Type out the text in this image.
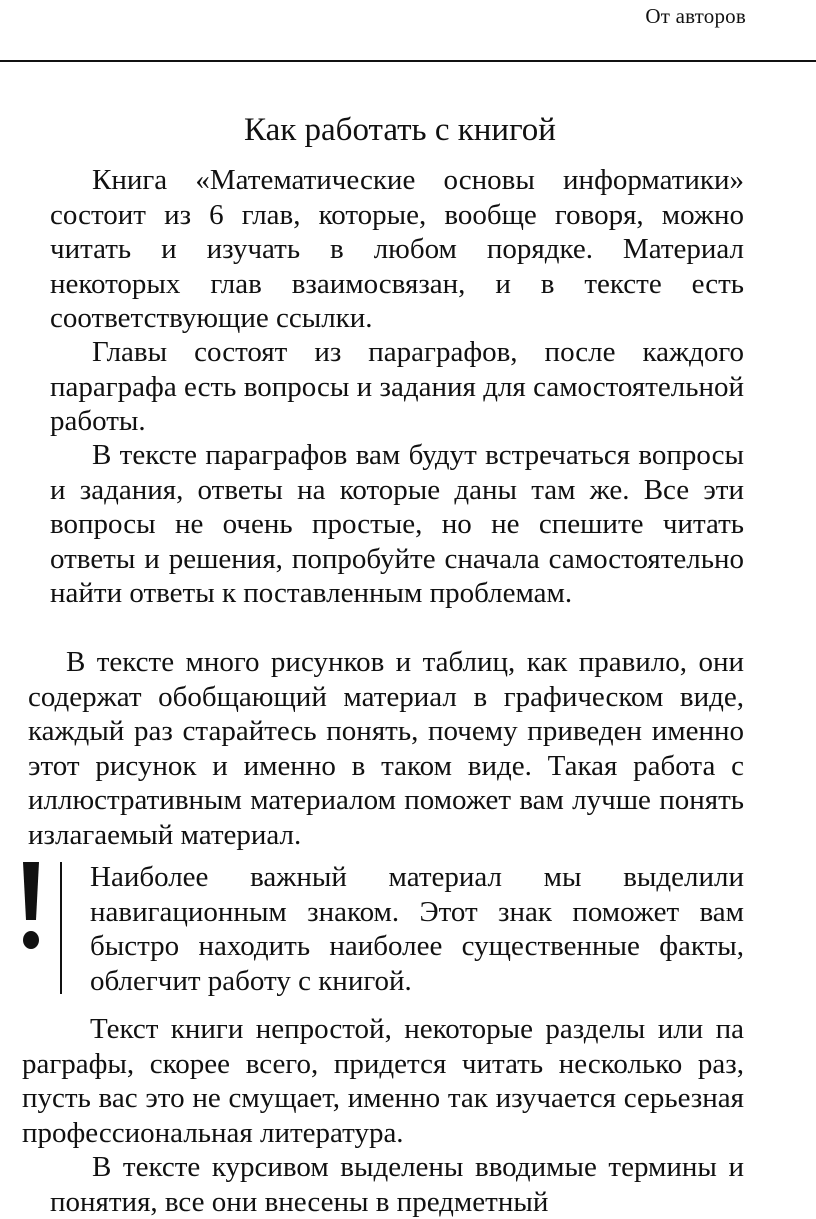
От авторов
Как работать с книгой

Книга «Математические основы информатики» состоит из 6 глав, которые, вообще говоря, можно читать и изучать в любом порядке. Материал некоторых глав взаимосвязан, и в тексте есть соответствующие ссылки.

Главы состоят из параграфов, после каждого параграфа есть вопросы и задания для самостоятельной работы.

В тексте параграфов вам будут встречаться вопросы и задания, ответы на которые даны там же. Все эти вопросы не очень простые, но не спешите читать ответы и решения, попробуйте сначала самостоятельно найти ответы к поставленным проблемам.

В тексте много рисунков и таблиц, как правило, они содержат обобщающий материал в графическом виде, каждый раз старайтесь понять, почему приведен именно этот рисунок и именно в таком виде. Такая работа с иллюстративным материалом поможет вам лучше понять излагаемый материал.

Наиболее важный материал мы выделили навигационным знаком. Этот знак поможет вам быстро находить наиболее существенные факты, облегчит работу с книгой.

Текст книги непростой, некоторые разделы или па раграфы, скорее всего, придется читать несколько раз, пусть вас это не смущает, именно так изучается серьезная профессиональная литература.

В тексте курсивом выделены вводимые термины и понятия, все они внесены в предметный
